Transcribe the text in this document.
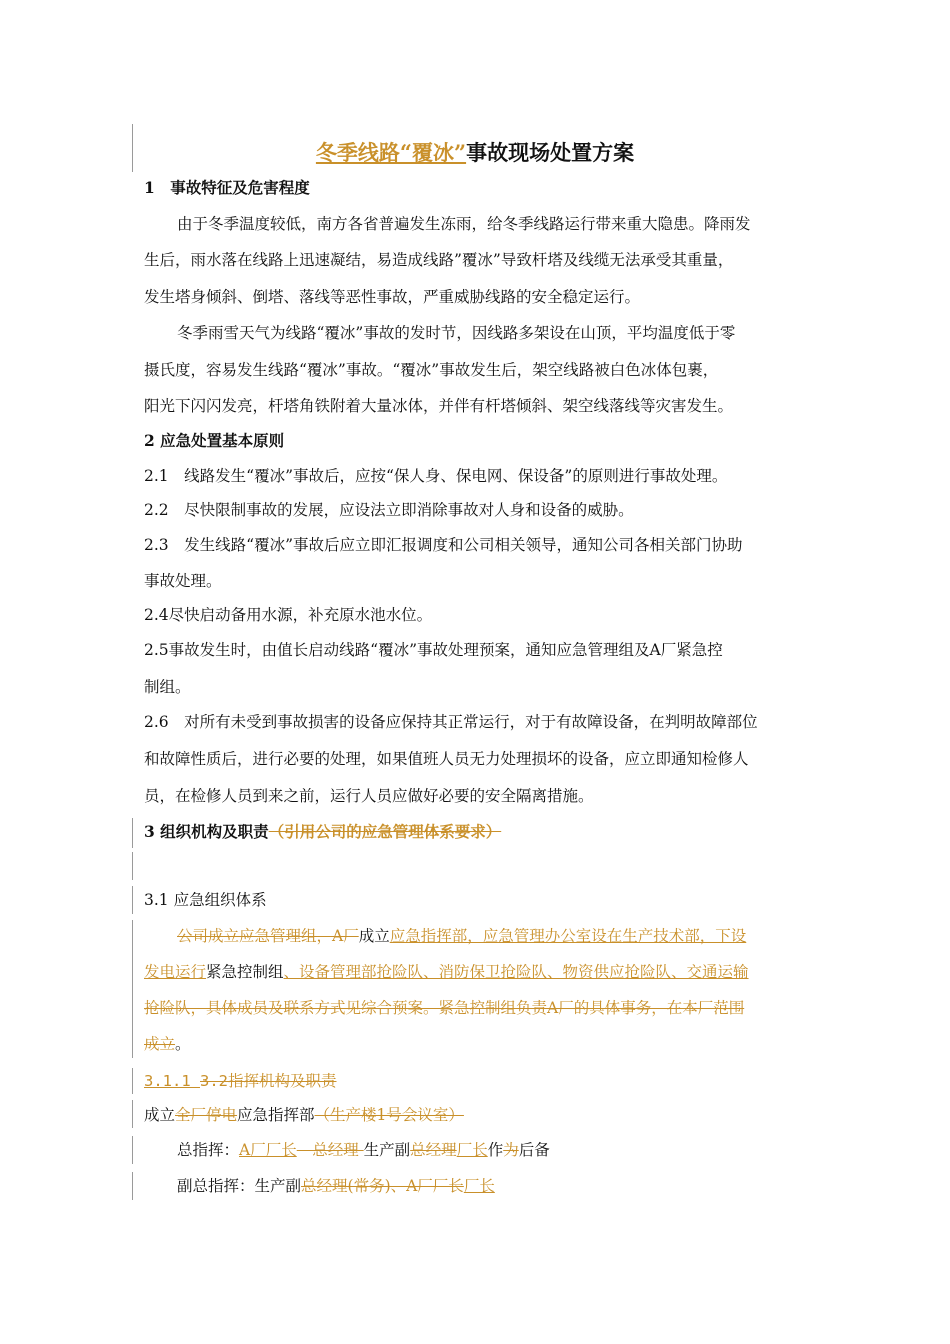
冬季线路“覆冰”事故现场处置方案
1　事故特征及危害程度
由于冬季温度较低，南方各省普遍发生冻雨，给冬季线路运行带来重大隐患。降雨发
生后，雨水落在线路上迅速凝结，易造成线路”覆冰”导致杆塔及线缆无法承受其重量，
发生塔身倾斜、倒塔、落线等恶性事故，严重威胁线路的安全稳定运行。
冬季雨雪天气为线路“覆冰”事故的发时节，因线路多架设在山顶，平均温度低于零
摄氏度，容易发生线路“覆冰”事故。“覆冰”事故发生后，架空线路被白色冰体包裹，
阳光下闪闪发亮，杆塔角铁附着大量冰体，并伴有杆塔倾斜、架空线落线等灾害发生。
2 应急处置基本原则
2.1　线路发生“覆冰”事故后，应按“保人身、保电网、保设备”的原则进行事故处理。
2.2　尽快限制事故的发展，应设法立即消除事故对人身和设备的威胁。
2.3　发生线路“覆冰”事故后应立即汇报调度和公司相关领导，通知公司各相关部门协助
事故处理。
2.4尽快启动备用水源，补充原水池水位。
2.5事故发生时，由值长启动线路“覆冰”事故处理预案，通知应急管理组及A厂紧急控
制组。
2.6　对所有未受到事故损害的设备应保持其正常运行，对于有故障设备，在判明故障部位
和故障性质后，进行必要的处理，如果值班人员无力处理损坏的设备，应立即通知检修人
员，在检修人员到来之前，运行人员应做好必要的安全隔离措施。
3 组织机构及职责（引用公司的应急管理体系要求）
3.1 应急组织体系
公司成立应急管理组，A厂成立应急指挥部，应急管理办公室设在生产技术部，下设
发电运行紧急控制组、设备管理部抢险队、消防保卫抢险队、物资供应抢险队、交通运输
抢险队，具体成员及联系方式见综合预案。紧急控制组负责A厂的具体事务，在本厂范围
成立。
3.1.1 3.2指挥机构及职责
成立全厂停电应急指挥部（生产楼1号会议室）
总指挥：A厂厂长　总经理 生产副总经理厂长作为后备
副总指挥：生产副总经理(常务)、A厂厂长厂长
